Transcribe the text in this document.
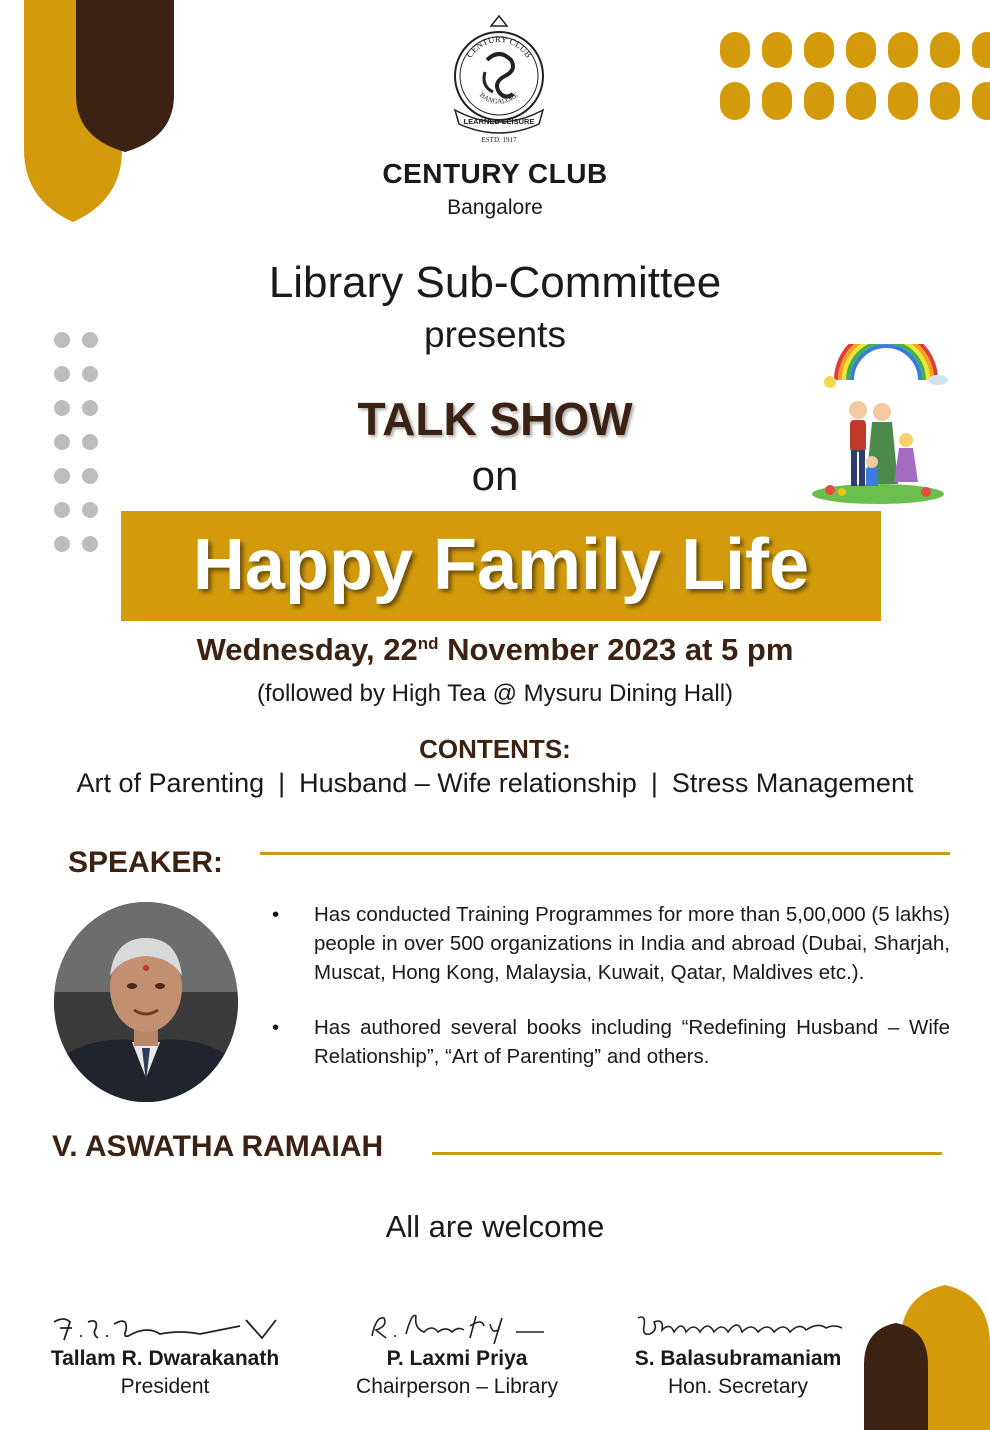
CENTURY CLUB
BANGALORE
LEARNED LEISURE
ESTD. 1917
CENTURY CLUB
Bangalore
Library Sub-Committee
presents
TALK SHOW
on
Happy Family Life
Wednesday, 22nd November 2023 at 5 pm
(followed by High Tea @ Mysuru Dining Hall)
CONTENTS:
Art of Parenting | Husband – Wife relationship | Stress Management
SPEAKER:
•	Has conducted Training Programmes for more than 5,00,000 (5 lakhs) people in over 500 organizations in India and abroad (Dubai, Sharjah, Muscat, Hong Kong, Malaysia, Kuwait, Qatar, Maldives etc.).
•	Has authored several books including “Redefining Husband – Wife Relationship”, “Art of Parenting” and others.
V. ASWATHA RAMAIAH
All are welcome
Tallam R. Dwarakanath
President
P. Laxmi Priya
Chairperson – Library
S. Balasubramaniam
Hon. Secretary
